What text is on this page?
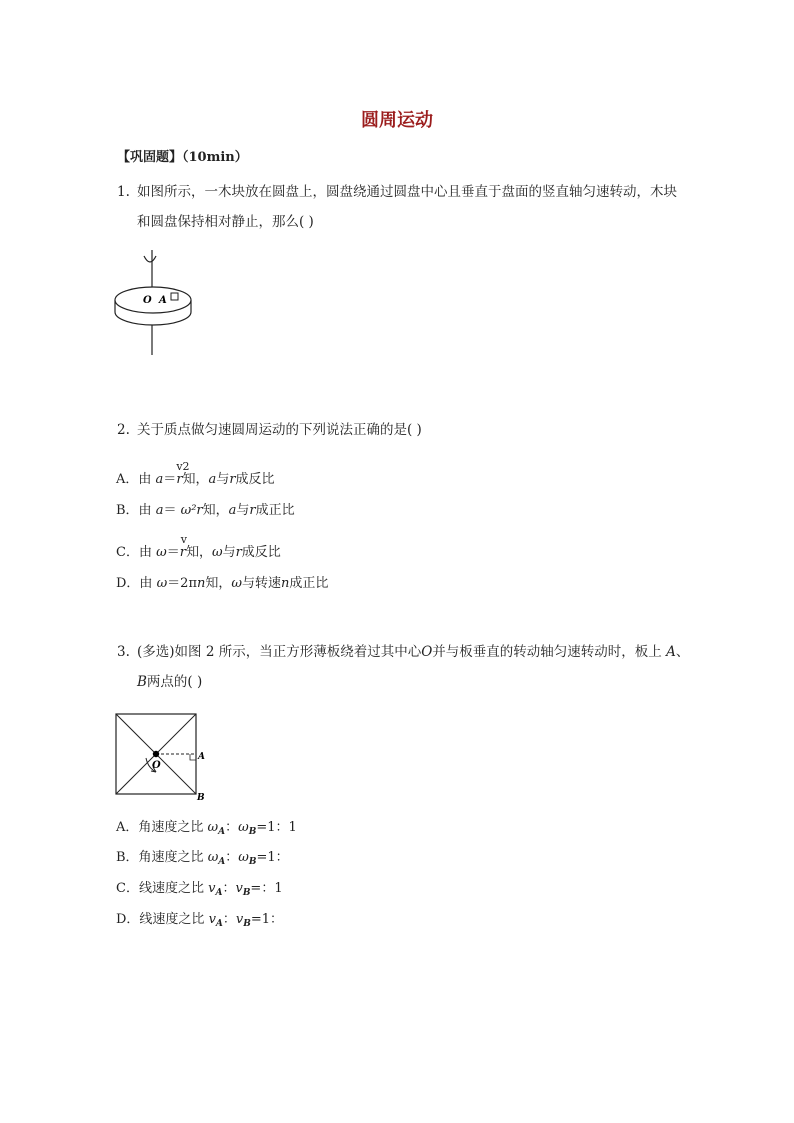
圆周运动
【巩固题】（10min）
1. 如图所示，一木块放在圆盘上，圆盘绕通过圆盘中心且垂直于盘面的竖直轴匀速转动，木块
和圆盘保持相对静止，那么( )
O A
2. 关于质点做匀速圆周运动的下列说法正确的是( )
A．由 a＝
v2
r知，a与r成反比
B．由 a＝ ω²r知，a与r成正比
C．由 ω＝
v
r知，ω与r成反比
D．由 ω＝2πn知，ω与转速n成正比
3. (多选)如图 2 所示，当正方形薄板绕着过其中心O并与板垂直的转动轴匀速转动时，板上 A、
B两点的( )
O
A
B
A．角速度之比 $\omega_A$：$\omega_B=1$：1
B．角速度之比 $\omega_A$：$\omega_B=1$：
C．线速度之比 $v_A$：$v_B=$：1
D．线速度之比 $v_A$：$v_B=1$：
